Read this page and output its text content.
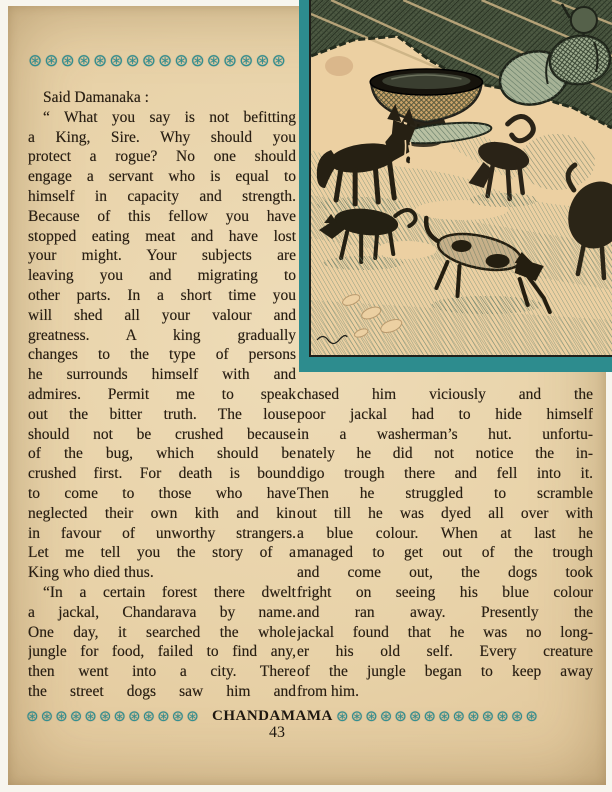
⊛⊛⊛⊛⊛⊛⊛⊛⊛⊛⊛⊛⊛⊛⊛⊛
Said Damanaka :
“ What you say is not befitting
a King, Sire. Why should you
protect a rogue? No one should
engage a servant who is equal to
himself in capacity and strength.
Because of this fellow you have
stopped eating meat and have lost
your might. Your subjects are
leaving you and migrating to
other parts. In a short time you
will shed all your valour and
greatness. A king gradually
changes to the type of persons
he surrounds himself with and
admires. Permit me to speak
out the bitter truth. The louse
should not be crushed because
of the bug, which should be
crushed first. For death is bound
to come to those who have
neglected their own kith and kin
in favour of unworthy strangers.
Let me tell you the story of a
King who died thus.
“In a certain forest there dwelt
a jackal, Chandarava by name.
One day, it searched the whole
jungle for food, failed to find any,
then went into a city. There
the street dogs saw him and
chased him viciously and the
poor jackal had to hide himself
in a washerman’s hut. unfortu-
nately he did not notice the in-
digo trough there and fell into it.
Then he struggled to scramble
out till he was dyed all over with
a blue colour. When at last he
managed to get out of the trough
and come out, the dogs took
fright on seeing his blue colour
and ran away. Presently the
jackal found that he was no long-
er his old self. Every creature
of the jungle began to keep away
from him.
⊛⊛⊛⊛⊛⊛⊛⊛⊛⊛⊛⊛ CHANDAMAMA ⊛⊛⊛⊛⊛⊛⊛⊛⊛⊛⊛⊛⊛⊛
43
